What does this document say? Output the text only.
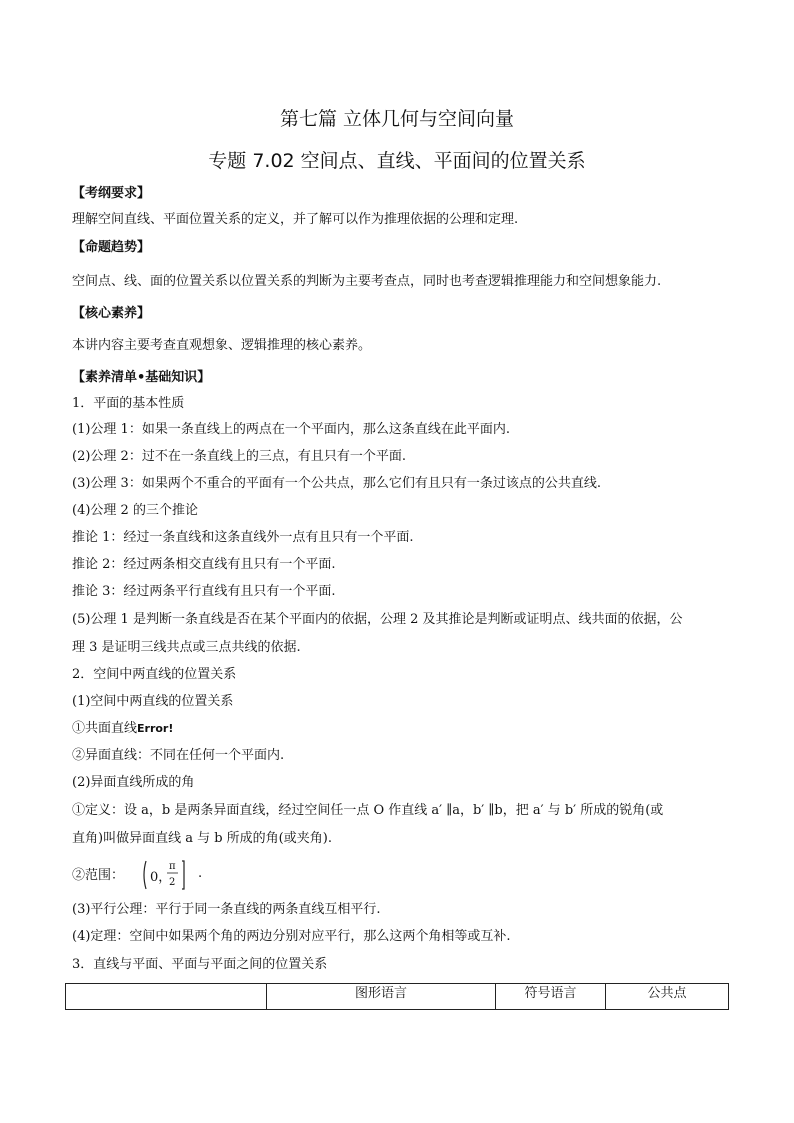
第七篇 立体几何与空间向量
专题 7.02 空间点、直线、平面间的位置关系
【考纲要求】
理解空间直线、平面位置关系的定义，并了解可以作为推理依据的公理和定理.
【命题趋势】
空间点、线、面的位置关系以位置关系的判断为主要考查点，同时也考查逻辑推理能力和空间想象能力.
【核心素养】
本讲内容主要考查直观想象、逻辑推理的核心素养。
【素养清单•基础知识】
1．平面的基本性质
(1)公理 1：如果一条直线上的两点在一个平面内，那么这条直线在此平面内.
(2)公理 2：过不在一条直线上的三点，有且只有一个平面.
(3)公理 3：如果两个不重合的平面有一个公共点，那么它们有且只有一条过该点的公共直线.
(4)公理 2 的三个推论
推论 1：经过一条直线和这条直线外一点有且只有一个平面.
推论 2：经过两条相交直线有且只有一个平面.
推论 3：经过两条平行直线有且只有一个平面.
(5)公理 1 是判断一条直线是否在某个平面内的依据，公理 2 及其推论是判断或证明点、线共面的依据，公
理 3 是证明三线共点或三点共线的依据.
2．空间中两直线的位置关系
(1)空间中两直线的位置关系
①共面直线Error!
②异面直线：不同在任何一个平面内.
(2)异面直线所成的角
①定义：设 a，b 是两条异面直线，经过空间任一点 O 作直线 a′ ∥a，b′ ∥b，把 a′ 与 b′ 所成的锐角(或
直角)叫做异面直线 a 与 b 所成的角(或夹角).
②范围：	0，
π
2
.
(3)平行公理：平行于同一条直线的两条直线互相平行.
(4)定理：空间中如果两个角的两边分别对应平行，那么这两个角相等或互补.
3．直线与平面、平面与平面之间的位置关系
	图形语言	符号语言	公共点
